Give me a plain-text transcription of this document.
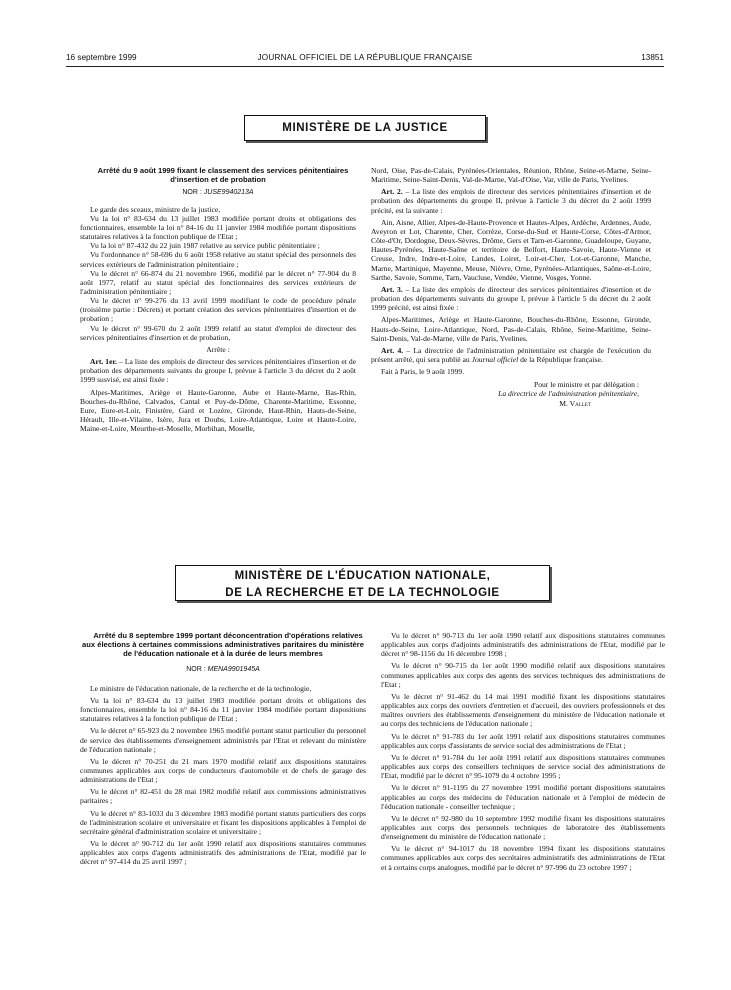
16 septembre 1999	JOURNAL OFFICIEL DE LA RÉPUBLIQUE FRANÇAISE	13851
MINISTÈRE DE LA JUSTICE

Arrêté du 9 août 1999 fixant le classement des services pénitentiaires d'insertion et de probation

NOR : JUSE9940213A

Le garde des sceaux, ministre de la justice,

Vu la loi n° 83-634 du 13 juillet 1983 modifiée portant droits et obligations des fonctionnaires, ensemble la loi n° 84-16 du 11 janvier 1984 modifiée portant dispositions statutaires relatives à la fonction publique de l'Etat ;

Vu la loi n° 87-432 du 22 juin 1987 relative au service public pénitentiaire ;

Vu l'ordonnance n° 58-696 du 6 août 1958 relative au statut spécial des personnels des services extérieurs de l'administration pénitentiaire ;

Vu le décret n° 66-874 du 21 novembre 1966, modifié par le décret n° 77-904 du 8 août 1977, relatif au statut spécial des fonctionnaires des services extérieurs de l'administration pénitentiaire ;

Vu le décret n° 99-276 du 13 avril 1999 modifiant le code de procédure pénale (troisième partie : Décrets) et portant création des services pénitentiaires d'insertion et de probation ;

Vu le décret n° 99-670 du 2 août 1999 relatif au statut d'emploi de directeur des services pénitentiaires d'insertion et de probation,

Arrête :

Art. 1er. – La liste des emplois de directeur des services pénitentiaires d'insertion et de probation des départements suivants du groupe I, prévue à l'article 3 du décret du 2 août 1999 susvisé, est ainsi fixée :

Alpes-Maritimes, Ariège et Haute-Garonne, Aube et Haute-Marne, Bas-Rhin, Bouches-du-Rhône, Calvados, Cantal et Puy-de-Dôme, Charente-Maritime, Essonne, Eure, Eure-et-Loir, Finistère, Gard et Lozère, Gironde, Haut-Rhin, Hauts-de-Seine, Hérault, Ille-et-Vilaine, Isère, Jura et Doubs, Loire-Atlantique, Loire et Haute-Loire, Maine-et-Loire, Meurthe-et-Moselle, Morbihan, Moselle,

Nord, Oise, Pas-de-Calais, Pyrénées-Orientales, Réunion, Rhône, Seine-et-Marne, Seine-Maritime, Seine-Saint-Denis, Val-de-Marne, Val-d'Oise, Var, ville de Paris, Yvelines.

Art. 2. – La liste des emplois de directeur des services pénitentiaires d'insertion et de probation des départements du groupe II, prévue à l'article 3 du décret du 2 août 1999 précité, est la suivante :

Ain, Aisne, Allier, Alpes-de-Haute-Provence et Hautes-Alpes, Ardèche, Ardennes, Aude, Aveyron et Lot, Charente, Cher, Corrèze, Corse-du-Sud et Haute-Corse, Côtes-d'Armor, Côte-d'Or, Dordogne, Deux-Sèvres, Drôme, Gers et Tarn-et-Garonne, Guadeloupe, Guyane, Hautes-Pyrénées, Haute-Saône et territoire de Belfort, Haute-Savoie, Haute-Vienne et Creuse, Indre, Indre-et-Loire, Landes, Loiret, Loir-et-Cher, Lot-et-Garonne, Manche, Marne, Martinique, Mayenne, Meuse, Nièvre, Orne, Pyrénées-Atlantiques, Saône-et-Loire, Sarthe, Savoie, Somme, Tarn, Vaucluse, Vendée, Vienne, Vosges, Yonne.

Art. 3. – La liste des emplois de directeur des services pénitentiaires d'insertion et de probation des départements suivants du groupe I, prévue à l'article 5 du décret du 2 août 1999 précité, est ainsi fixée :

Alpes-Maritimes, Ariège et Haute-Garonne, Bouches-du-Rhône, Essonne, Gironde, Hauts-de-Seine, Loire-Atlantique, Nord, Pas-de-Calais, Rhône, Seine-Maritime, Seine-Saint-Denis, Val-de-Marne, ville de Paris, Yvelines.

Art. 4. – La directrice de l'administration pénitentiaire est chargée de l'exécution du présent arrêté, qui sera publié au Journal officiel de la République française.

Fait à Paris, le 9 août 1999.

Pour le ministre et par délégation :

La directrice de l'administration pénitentiaire,

M. Vallet

MINISTÈRE DE L'ÉDUCATION NATIONALE,
DE LA RECHERCHE ET DE LA TECHNOLOGIE

Arrêté du 8 septembre 1999 portant déconcentration d'opérations relatives aux élections à certaines commissions administratives paritaires du ministère de l'éducation nationale et à la durée de leurs membres

NOR : MENA9901945A

Le ministre de l'éducation nationale, de la recherche et de la technologie,

Vu la loi n° 83-634 du 13 juillet 1983 modifiée portant droits et obligations des fonctionnaires, ensemble la loi n° 84-16 du 11 janvier 1984 modifiée portant dispositions statutaires relatives à la fonction publique de l'Etat ;

Vu le décret n° 65-923 du 2 novembre 1965 modifié portant statut particulier du personnel de service des établissements d'enseignement administrés par l'Etat et relevant du ministère de l'éducation nationale ;

Vu le décret n° 70-251 du 21 mars 1970 modifié relatif aux dispositions statutaires communes applicables aux corps de conducteurs d'automobile et de chefs de garage des administrations de l'Etat ;

Vu le décret n° 82-451 du 28 mai 1982 modifié relatif aux commissions administratives paritaires ;

Vu le décret n° 83-1033 du 3 décembre 1983 modifié portant statuts particuliers des corps de l'administration scolaire et universitaire et fixant les dispositions applicables à l'emploi de secrétaire général d'administration scolaire et universitaire ;

Vu le décret n° 90-712 du 1er août 1990 relatif aux dispositions statutaires communes applicables aux corps d'agents administratifs des administrations de l'Etat, modifié par le décret n° 97-414 du 25 avril 1997 ;

Vu le décret n° 90-713 du 1er août 1990 relatif aux dispositions statutaires communes applicables aux corps d'adjoints administratifs des administrations de l'Etat, modifié par le décret n° 98-1156 du 16 décembre 1998 ;

Vu le décret n° 90-715 du 1er août 1990 modifié relatif aux dispositions statutaires communes applicables aux corps des agents des services techniques des administrations de l'Etat ;

Vu le décret n° 91-462 du 14 mai 1991 modifié fixant les dispositions statutaires applicables aux corps des ouvriers d'entretien et d'accueil, des ouvriers professionnels et des maîtres ouvriers des établissements d'enseignement du ministère de l'éducation nationale et au corps des techniciens de l'éducation nationale ;

Vu le décret n° 91-783 du 1er août 1991 relatif aux dispositions statutaires communes applicables aux corps d'assistants de service social des administrations de l'Etat ;

Vu le décret n° 91-784 du 1er août 1991 relatif aux dispositions statutaires communes applicables aux corps des conseillers techniques de service social des administrations de l'Etat, modifié par le décret n° 95-1079 du 4 octobre 1995 ;

Vu le décret n° 91-1195 du 27 novembre 1991 modifié portant dispositions statutaires applicables au corps des médecins de l'éducation nationale et à l'emploi de médecin de l'éducation nationale - conseiller technique ;

Vu le décret n° 92-980 du 10 septembre 1992 modifié fixant les dispositions statutaires applicables aux corps des personnels techniques de laboratoire des établissements d'enseignement du ministère de l'éducation nationale ;

Vu le décret n° 94-1017 du 18 novembre 1994 fixant les dispositions statutaires communes applicables aux corps des secrétaires administratifs des administrations de l'Etat et à certains corps analogues, modifié par le décret n° 97-996 du 23 octobre 1997 ;
